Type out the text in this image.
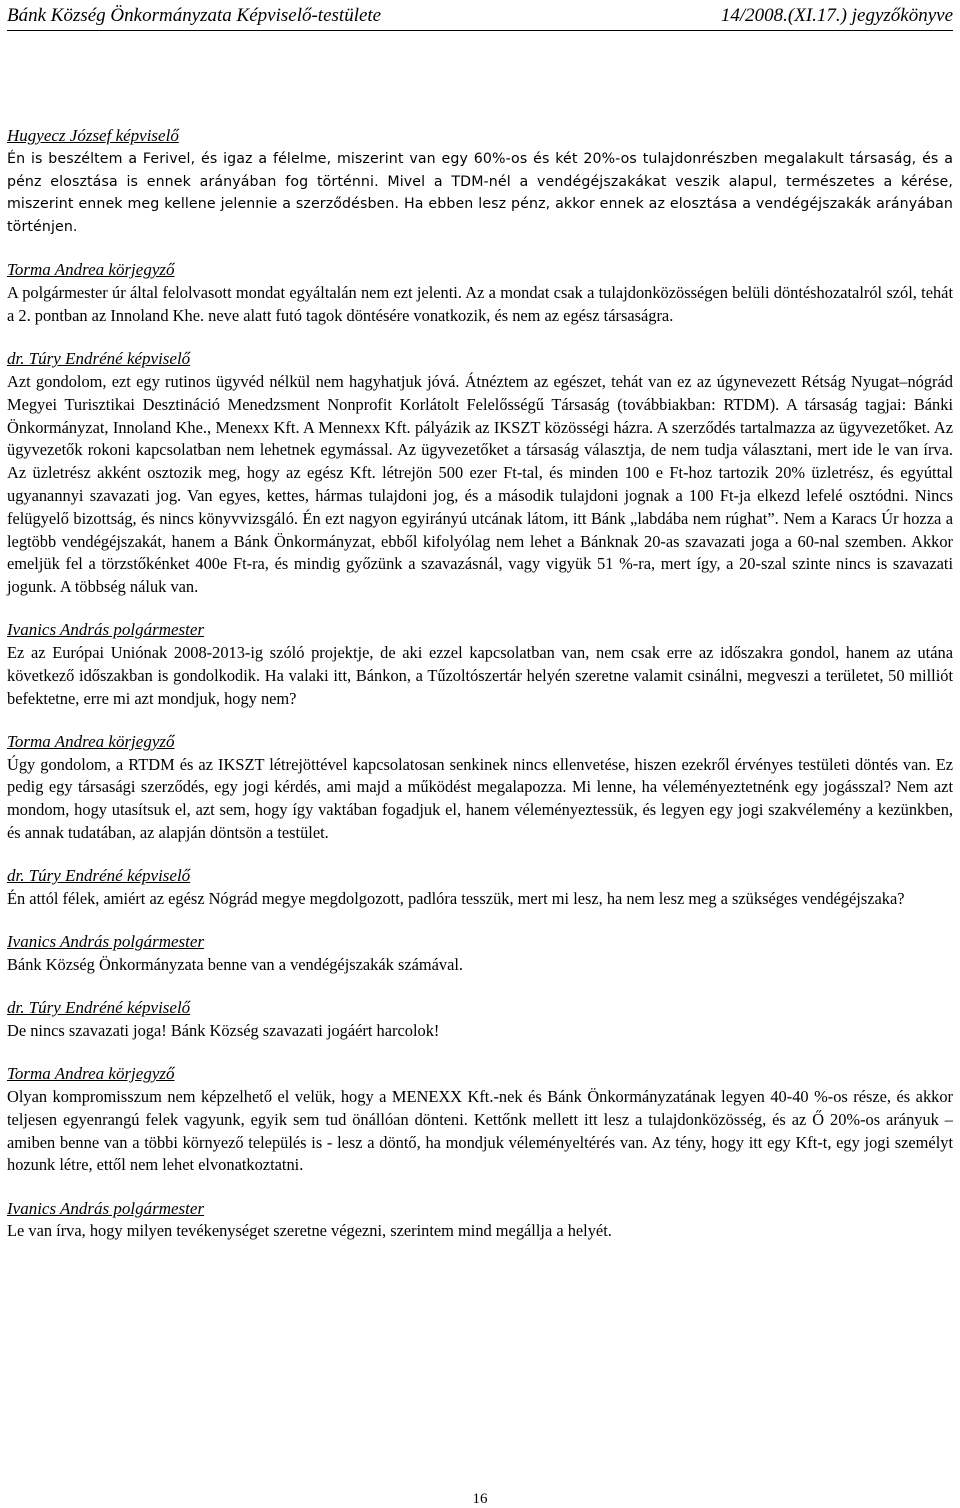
Bánk Község Önkormányzata Képviselő-testülete	14/2008.(XI.17.) jegyzőkönyve
Hugyecz József képviselő

Én is beszéltem a Ferivel, és igaz a félelme, miszerint van egy 60%-os és két 20%-os tulajdonrészben megalakult társaság, és a pénz elosztása is ennek arányában fog történni. Mivel a TDM-nél a vendégéjszakákat veszik alapul, természetes a kérése, miszerint ennek meg kellene jelennie a szerződésben. Ha ebben lesz pénz, akkor ennek az elosztása a vendégéjszakák arányában történjen.

Torma Andrea körjegyző

A polgármester úr által felolvasott mondat egyáltalán nem ezt jelenti. Az a mondat csak a tulajdonközösségen belüli döntéshozatalról szól, tehát a 2. pontban az Innoland Khe. neve alatt futó tagok döntésére vonatkozik, és nem az egész társaságra.

dr. Túry Endréné képviselő

Azt gondolom, ezt egy rutinos ügyvéd nélkül nem hagyhatjuk jóvá. Átnéztem az egészet, tehát van ez az úgynevezett Rétság Nyugat–nógrád Megyei Turisztikai Desztináció Menedzsment Nonprofit Korlátolt Felelősségű Társaság (továbbiakban: RTDM). A társaság tagjai: Bánki Önkormányzat, Innoland Khe., Menexx Kft. A Mennexx Kft. pályázik az IKSZT közösségi házra. A szerződés tartalmazza az ügyvezetőket. Az ügyvezetők rokoni kapcsolatban nem lehetnek egymással. Az ügyvezetőket a társaság választja, de nem tudja választani, mert ide le van írva. Az üzletrész akként osztozik meg, hogy az egész Kft. létrejön 500 ezer Ft-tal, és minden 100 e Ft-hoz tartozik 20% üzletrész, és egyúttal ugyanannyi szavazati jog. Van egyes, kettes, hármas tulajdoni jog, és a második tulajdoni jognak a 100 Ft-ja elkezd lefelé osztódni. Nincs felügyelő bizottság, és nincs könyvvizsgáló. Én ezt nagyon egyirányú utcának látom, itt Bánk „labdába nem rúghat”. Nem a Karacs Úr hozza a legtöbb vendégéjszakát, hanem a Bánk Önkormányzat, ebből kifolyólag nem lehet a Bánknak 20-as szavazati joga a 60-nal szemben. Akkor emeljük fel a törzstőkénket 400e Ft-ra, és mindig győzünk a szavazásnál, vagy vigyük 51 %-ra, mert így, a 20-szal szinte nincs is szavazati jogunk. A többség náluk van.

Ivanics András polgármester

Ez az Európai Uniónak 2008-2013-ig szóló projektje, de aki ezzel kapcsolatban van, nem csak erre az időszakra gondol, hanem az utána következő időszakban is gondolkodik. Ha valaki itt, Bánkon, a Tűzoltószertár helyén szeretne valamit csinálni, megveszi a területet, 50 milliót befektetne, erre mi azt mondjuk, hogy nem?

Torma Andrea körjegyző

Úgy gondolom, a RTDM és az IKSZT létrejöttével kapcsolatosan senkinek nincs ellenvetése, hiszen ezekről érvényes testületi döntés van. Ez pedig egy társasági szerződés, egy jogi kérdés, ami majd a működést megalapozza. Mi lenne, ha véleményeztetnénk egy jogásszal? Nem azt mondom, hogy utasítsuk el, azt sem, hogy így vaktában fogadjuk el, hanem véleményeztessük, és legyen egy jogi szakvélemény a kezünkben, és annak tudatában, az alapján döntsön a testület.

dr. Túry Endréné képviselő

Én attól félek, amiért az egész Nógrád megye megdolgozott, padlóra tesszük, mert mi lesz, ha nem lesz meg a szükséges vendégéjszaka?

Ivanics András polgármester

Bánk Község Önkormányzata benne van a vendégéjszakák számával.

dr. Túry Endréné képviselő

De nincs szavazati joga! Bánk Község szavazati jogáért harcolok!

Torma Andrea körjegyző

Olyan kompromisszum nem képzelhető el velük, hogy a MENEXX Kft.-nek és Bánk Önkormányzatának legyen 40-40 %-os része, és akkor teljesen egyenrangú felek vagyunk, egyik sem tud önállóan dönteni. Kettőnk mellett itt lesz a tulajdonközösség, és az Ő 20%-os arányuk – amiben benne van a többi környező település is - lesz a döntő, ha mondjuk véleményeltérés van. Az tény, hogy itt egy Kft-t, egy jogi személyt hozunk létre, ettől nem lehet elvonatkoztatni.

Ivanics András polgármester

Le van írva, hogy milyen tevékenységet szeretne végezni, szerintem mind megállja a helyét.

16
